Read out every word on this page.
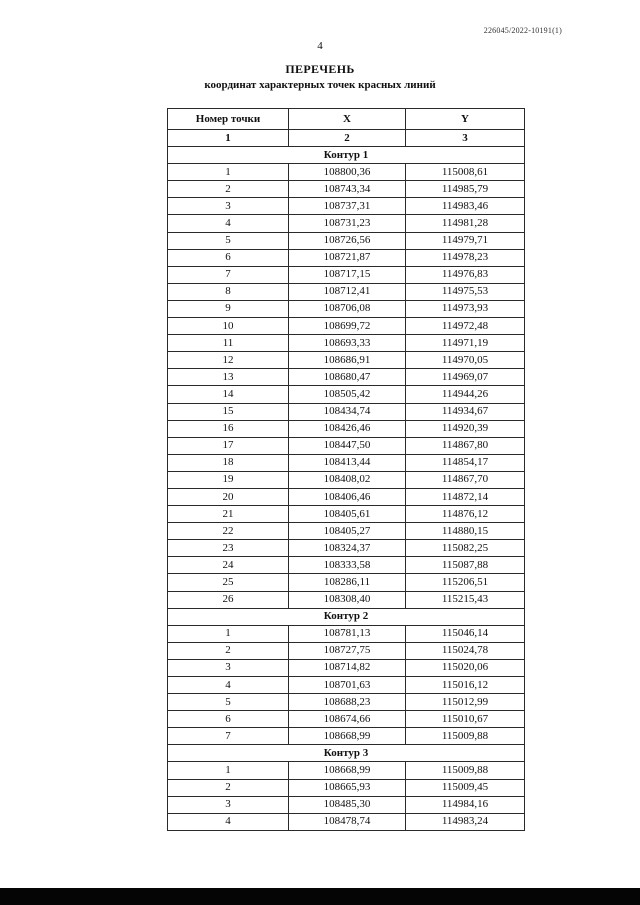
226045/2022-10191(1)
4
ПЕРЕЧЕНЬ
координат характерных точек красных линий
Номер точки	X	Y
1	2	3
Контур 1		
1	108800,36	115008,61
2	108743,34	114985,79
3	108737,31	114983,46
4	108731,23	114981,28
5	108726,56	114979,71
6	108721,87	114978,23
7	108717,15	114976,83
8	108712,41	114975,53
9	108706,08	114973,93
10	108699,72	114972,48
11	108693,33	114971,19
12	108686,91	114970,05
13	108680,47	114969,07
14	108505,42	114944,26
15	108434,74	114934,67
16	108426,46	114920,39
17	108447,50	114867,80
18	108413,44	114854,17
19	108408,02	114867,70
20	108406,46	114872,14
21	108405,61	114876,12
22	108405,27	114880,15
23	108324,37	115082,25
24	108333,58	115087,88
25	108286,11	115206,51
26	108308,40	115215,43
Контур 2		
1	108781,13	115046,14
2	108727,75	115024,78
3	108714,82	115020,06
4	108701,63	115016,12
5	108688,23	115012,99
6	108674,66	115010,67
7	108668,99	115009,88
Контур 3		
1	108668,99	115009,88
2	108665,93	115009,45
3	108485,30	114984,16
4	108478,74	114983,24
